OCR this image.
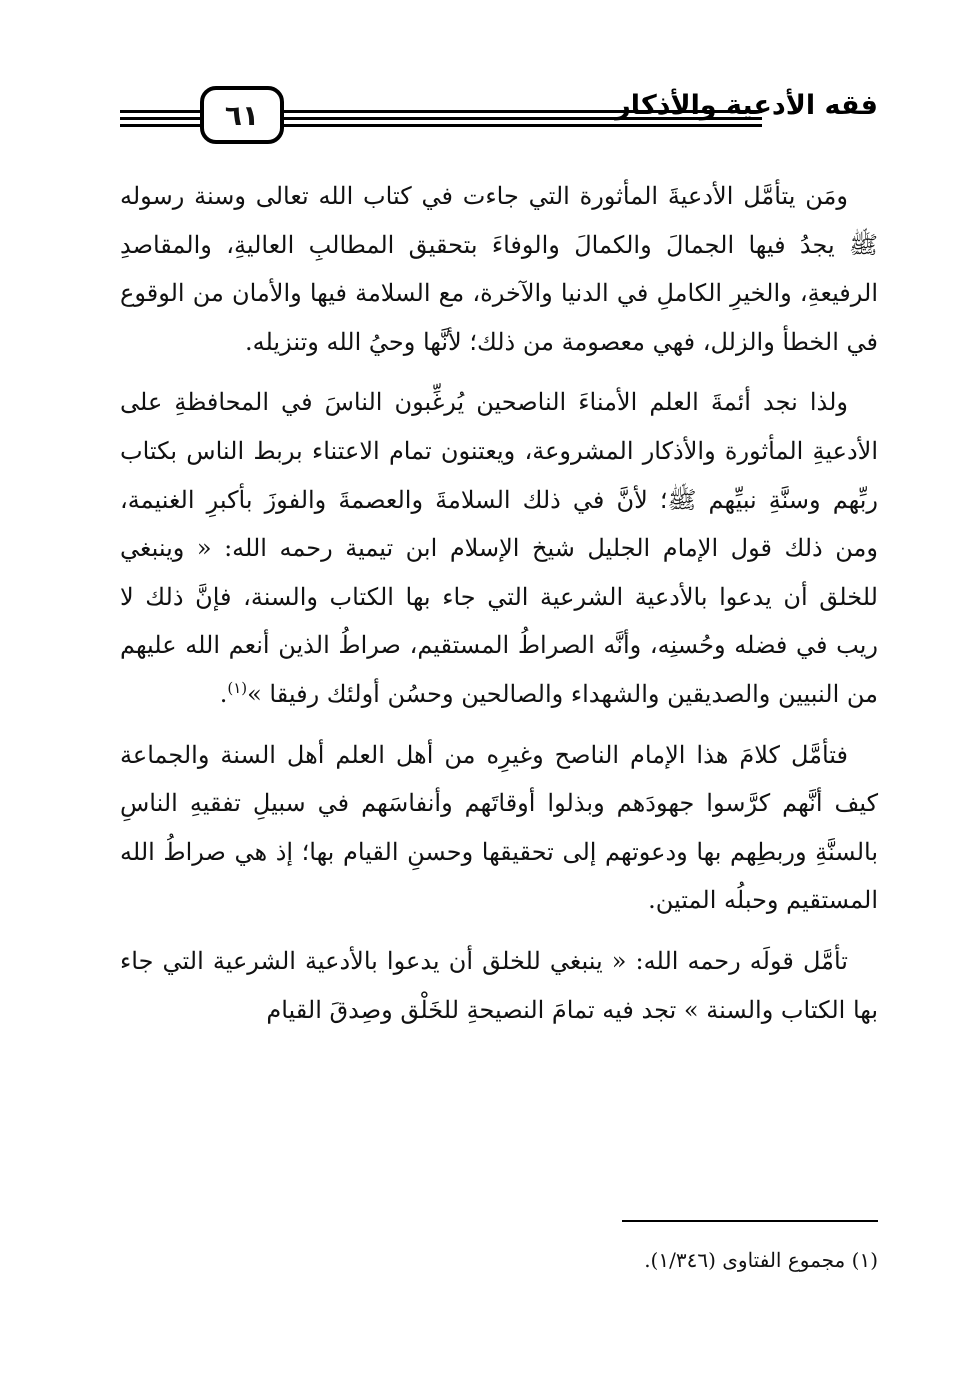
٦١	فقه الأدعية والأذكار

ومَن يتأمَّل الأدعيةَ المأثورة التي جاءت في كتاب الله تعالى وسنة رسوله ﷺ يجدُ فيها الجمالَ والكمالَ والوفاءَ بتحقيق المطالبِ العاليةِ، والمقاصدِ الرفيعةِ، والخيرِ الكاملِ في الدنيا والآخرة، مع السلامة فيها والأمان من الوقوع في الخطأ والزلل، فهي معصومة من ذلك؛ لأنَّها وحيُ الله وتنزيله.

ولذا نجد أئمةَ العلم الأمناءَ الناصحين يُرغِّبون الناسَ في المحافظةِ على الأدعيةِ المأثورة والأذكار المشروعة، ويعتنون تمام الاعتناء بربط الناس بكتاب ربِّهم وسنَّةِ نبيِّهم ﷺ؛ لأنَّ في ذلك السلامةَ والعصمةَ والفوزَ بأكبرِ الغنيمة، ومن ذلك قول الإمام الجليل شيخ الإسلام ابن تيمية رحمه الله: « وينبغي للخلق أن يدعوا بالأدعية الشرعية التي جاء بها الكتاب والسنة، فإنَّ ذلك لا ريب في فضله وحُسنِه، وأنَّه الصراطُ المستقيم، صراطُ الذين أنعم الله عليهم من النبيين والصديقين والشهداء والصالحين وحسُن أولئك رفيقا »$^{(١)}$.

فتأمَّل كلامَ هذا الإمام الناصح وغيرِه من أهل العلم أهل السنة والجماعة كيف أنَّهم كرَّسوا جهودَهم وبذلوا أوقاتَهم وأنفاسَهم في سبيلِ تفقيهِ الناسِ بالسنَّةِ وربطِهم بها ودعوتهم إلى تحقيقها وحسنِ القيام بها؛ إذ هي صراطُ الله المستقيم وحبلُه المتين.

تأمَّل قولَه رحمه الله: « ينبغي للخلق أن يدعوا بالأدعية الشرعية التي جاء بها الكتاب والسنة » تجد فيه تمامَ النصيحةِ للخَلْق وصِدقَ القيام

(١) مجموع الفتاوى (١/٣٤٦).
